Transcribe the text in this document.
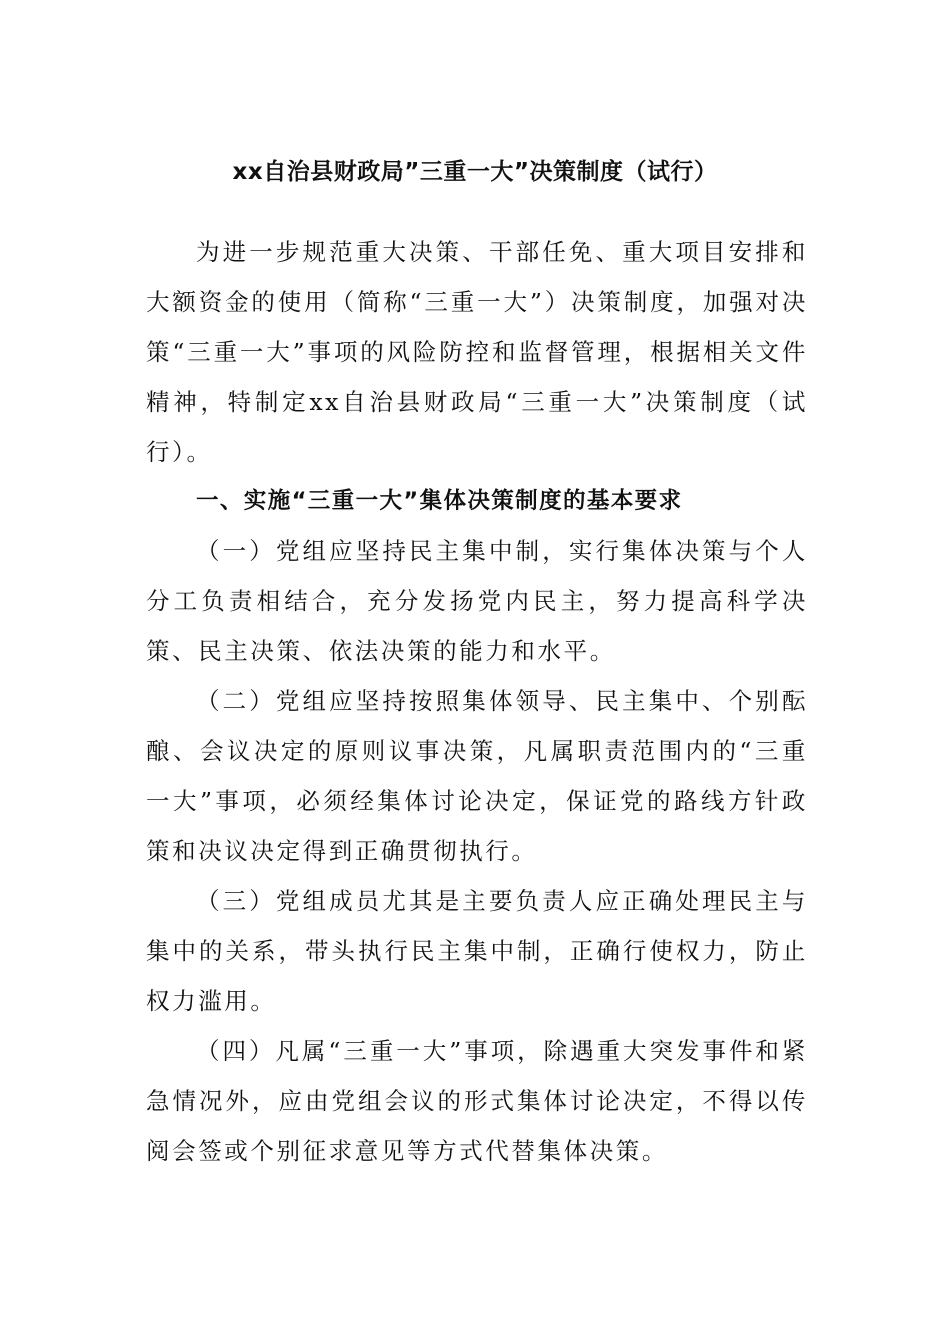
xx自治县财政局”三重一大”决策制度（试行）

为进一步规范重大决策、干部任免、重大项目安排和大额资金的使用（简称“三重一大”）决策制度，加强对决策“三重一大”事项的风险防控和监督管理，根据相关文件精神，特制定xx自治县财政局“三重一大”决策制度（试行）。

一、实施“三重一大”集体决策制度的基本要求

（一）党组应坚持民主集中制，实行集体决策与个人分工负责相结合，充分发扬党内民主，努力提高科学决策、民主决策、依法决策的能力和水平。

（二）党组应坚持按照集体领导、民主集中、个别酝酿、会议决定的原则议事决策，凡属职责范围内的“三重一大”事项，必须经集体讨论决定，保证党的路线方针政策和决议决定得到正确贯彻执行。

（三）党组成员尤其是主要负责人应正确处理民主与集中的关系，带头执行民主集中制，正确行使权力，防止权力滥用。

（四）凡属“三重一大”事项，除遇重大突发事件和紧急情况外，应由党组会议的形式集体讨论决定，不得以传阅会签或个别征求意见等方式代替集体决策。
